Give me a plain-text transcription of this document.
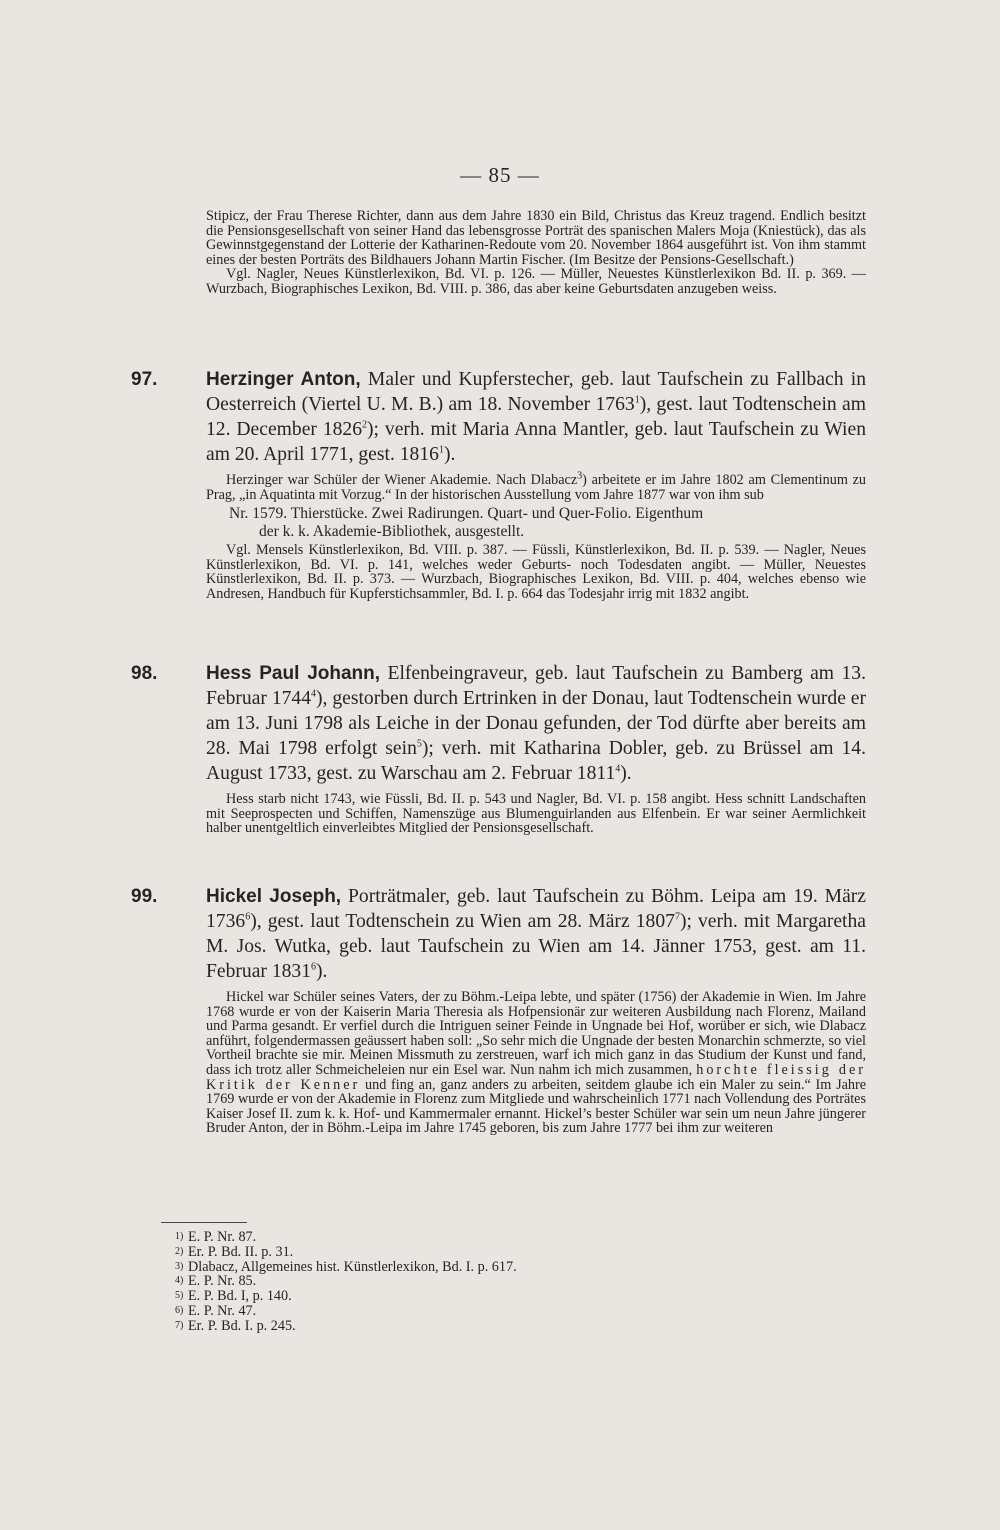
— 85 —

Stipicz, der Frau Therese Richter, dann aus dem Jahre 1830 ein Bild, Christus das Kreuz tragend. Endlich besitzt die Pensionsgesellschaft von seiner Hand das lebensgrosse Porträt des spanischen Malers Moja (Kniestück), das als Gewinnstgegenstand der Lotterie der Katharinen-Redoute vom 20. November 1864 ausgeführt ist. Von ihm stammt eines der besten Porträts des Bildhauers Johann Martin Fischer. (Im Besitze der Pensions-Gesellschaft.)

Vgl. Nagler, Neues Künstlerlexikon, Bd. VI. p. 126. — Müller, Neuestes Künstlerlexikon Bd. II. p. 369. — Wurzbach, Biographisches Lexikon, Bd. VIII. p. 386, das aber keine Geburtsdaten anzugeben weiss.

97.	Herzinger Anton, Maler und Kupferstecher, geb. laut Taufschein zu Fallbach in Oesterreich (Viertel U. M. B.) am 18. November 1763$^1$), gest. laut Todtenschein am 12. December 1826$^2$); verh. mit Maria Anna Mantler, geb. laut Taufschein zu Wien am 20. April 1771, gest. 1816$^1$).

Herzinger war Schüler der Wiener Akademie. Nach Dlabacz$^3$) arbeitete er im Jahre 1802 am Clementinum zu Prag, „in Aquatinta mit Vorzug.“ In der historischen Ausstellung vom Jahre 1877 war von ihm sub

Nr. 1579. Thierstücke. Zwei Radirungen. Quart- und Quer-Folio. Eigenthum
der k. k. Akademie-Bibliothek, ausgestellt.

Vgl. Mensels Künstlerlexikon, Bd. VIII. p. 387. — Füssli, Künstlerlexikon, Bd. II. p. 539. — Nagler, Neues Künstlerlexikon, Bd. VI. p. 141, welches weder Geburts- noch Todesdaten angibt. — Müller, Neuestes Künstlerlexikon, Bd. II. p. 373. — Wurzbach, Biographisches Lexikon, Bd. VIII. p. 404, welches ebenso wie Andresen, Handbuch für Kupferstichsammler, Bd. I. p. 664 das Todesjahr irrig mit 1832 angibt.

98.	Hess Paul Johann, Elfenbeingraveur, geb. laut Taufschein zu Bamberg am 13. Februar 1744$^4$), gestorben durch Ertrinken in der Donau, laut Todtenschein wurde er am 13. Juni 1798 als Leiche in der Donau gefunden, der Tod dürfte aber bereits am 28. Mai 1798 erfolgt sein$^5$); verh. mit Katharina Dobler, geb. zu Brüssel am 14. August 1733, gest. zu Warschau am 2. Februar 1811$^4$).

Hess starb nicht 1743, wie Füssli, Bd. II. p. 543 und Nagler, Bd. VI. p. 158 angibt. Hess schnitt Landschaften mit Seeprospecten und Schiffen, Namenszüge aus Blumenguirlanden aus Elfenbein. Er war seiner Aermlichkeit halber unentgeltlich einverleibtes Mitglied der Pensionsgesellschaft.

99.	Hickel Joseph, Porträtmaler, geb. laut Taufschein zu Böhm. Leipa am 19. März 1736$^6$), gest. laut Todtenschein zu Wien am 28. März 1807$^7$); verh. mit Margaretha M. Jos. Wutka, geb. laut Taufschein zu Wien am 14. Jänner 1753, gest. am 11. Februar 1831$^6$).

Hickel war Schüler seines Vaters, der zu Böhm.-Leipa lebte, und später (1756) der Akademie in Wien. Im Jahre 1768 wurde er von der Kaiserin Maria Theresia als Hofpensionär zur weiteren Ausbildung nach Florenz, Mailand und Parma gesandt. Er verfiel durch die Intriguen seiner Feinde in Ungnade bei Hof, worüber er sich, wie Dlabacz anführt, folgendermassen geäussert haben soll: „So sehr mich die Ungnade der besten Monarchin schmerzte, so viel Vortheil brachte sie mir. Meinen Missmuth zu zerstreuen, warf ich mich ganz in das Studium der Kunst und fand, dass ich trotz aller Schmeicheleien nur ein Esel war. Nun nahm ich mich zusammen, horchte fleissig der Kritik der Kenner und fing an, ganz anders zu arbeiten, seitdem glaube ich ein Maler zu sein.“ Im Jahre 1769 wurde er von der Akademie in Florenz zum Mitgliede und wahrscheinlich 1771 nach Vollendung des Porträtes Kaiser Josef II. zum k. k. Hof- und Kammermaler ernannt. Hickel’s bester Schüler war sein um neun Jahre jüngerer Bruder Anton, der in Böhm.-Leipa im Jahre 1745 geboren, bis zum Jahre 1777 bei ihm zur weiteren

1) E. P. Nr. 87.
2) Er. P. Bd. II. p. 31.
3) Dlabacz, Allgemeines hist. Künstlerlexikon, Bd. I. p. 617.
4) E. P. Nr. 85.
5) E. P. Bd. I, p. 140.
6) E. P. Nr. 47.
7) Er. P. Bd. I. p. 245.
